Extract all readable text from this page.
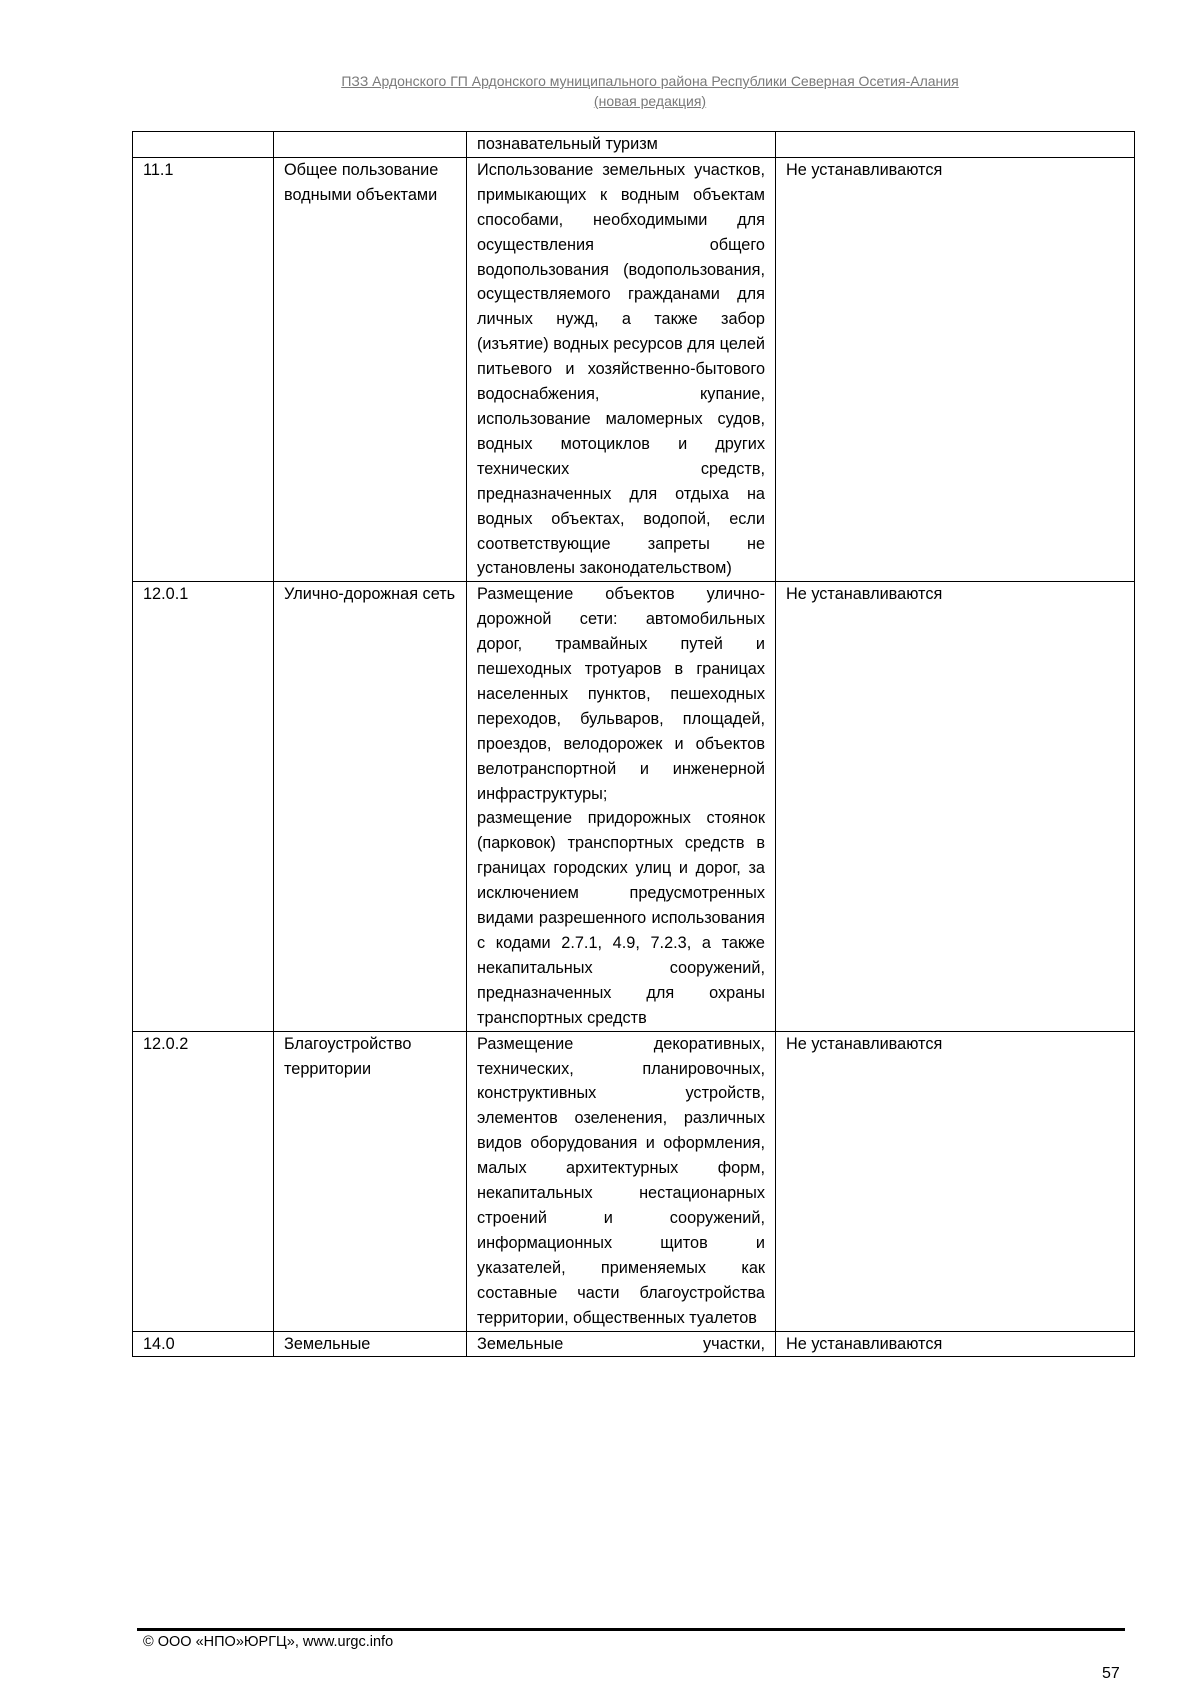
ПЗЗ Ардонского ГП Ардонского муниципального района Республики Северная Осетия-Алания
(новая редакция)

		познавательный туризм	

11.1	Общее пользование водными объектами	Использование земельных участков, примыкающих к водным объектам способами, необходимыми для осуществления общего водопользования (водопользования, осуществляемого гражданами для личных нужд, а также забор (изъятие) водных ресурсов для целей питьевого и хозяйственно-бытового водоснабжения, купание, использование маломерных судов, водных мотоциклов и других технических средств, предназначенных для отдыха на водных объектах, водопой, если соответствующие запреты не установлены законодательством)	Не устанавливаются
12.0.1	Улично-дорожная сеть	Размещение объектов улично-дорожной сети: автомобильных дорог, трамвайных путей и пешеходных тротуаров в границах населенных пунктов, пешеходных переходов, бульваров, площадей, проездов, велодорожек и объектов велотранспортной и инженерной инфраструктуры;
размещение придорожных стоянок (парковок) транспортных средств в границах городских улиц и дорог, за исключением предусмотренных видами разрешенного использования с кодами 2.7.1, 4.9, 7.2.3, а также некапитальных сооружений, предназначенных для охраны транспортных средств	Не устанавливаются
12.0.2	Благоустройство территории	Размещение декоративных, технических, планировочных, конструктивных устройств, элементов озеленения, различных видов оборудования и оформления, малых архитектурных форм, некапитальных нестационарных строений и сооружений, информационных щитов и указателей, применяемых как составные части благоустройства территории, общественных туалетов	Не устанавливаются
14.0	Земельные	Земельные участки,	Не устанавливаются
© ООО «НПО»ЮРГЦ», www.urgc.info
57
